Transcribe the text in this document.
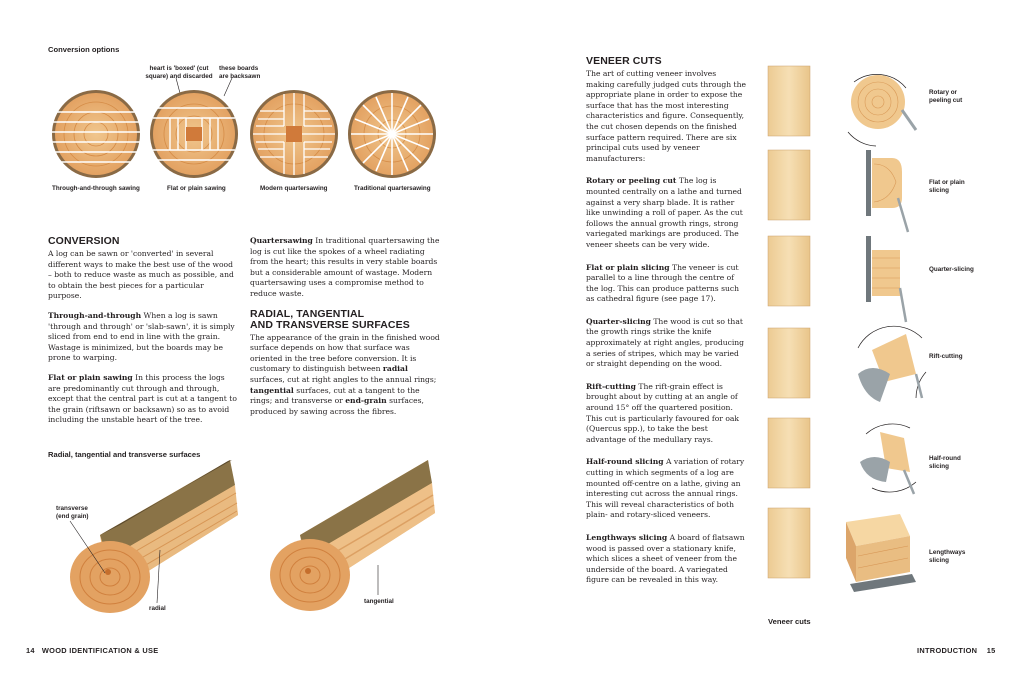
Conversion options
heart is 'boxed' (cut
square) and discarded
these boards
are backsawn
Through-and-through sawing	Flat or plain sawing	Modern quartersawing	Traditional quartersawing
CONVERSION

A log can be sawn or 'converted' in several different ways to make the best use of the wood – both to reduce waste as much as possible, and to obtain the best pieces for a particular purpose.

Through-and-through When a log is sawn 'through and through' or 'slab-sawn', it is simply sliced from end to end in line with the grain. Wastage is minimized, but the boards may be prone to warping.

Flat or plain sawing In this process the logs are predominantly cut through and through, except that the central part is cut at a tangent to the grain (riftsawn or backsawn) so as to avoid including the unstable heart of the tree.

Quartersawing In traditional quartersawing the log is cut like the spokes of a wheel radiating from the heart; this results in very stable boards but a considerable amount of wastage. Modern quartersawing uses a compromise method to reduce waste.

RADIAL, TANGENTIAL
AND TRANSVERSE SURFACES

The appearance of the grain in the finished wood surface depends on how that surface was oriented in the tree before conversion. It is customary to distinguish between radial surfaces, cut at right angles to the annual rings; tangential surfaces, cut at a tangent to the rings; and transverse or end-grain surfaces, produced by sawing across the fibres.

Radial, tangential and transverse surfaces
transverse
(end grain)
radial
tangential
14 WOOD IDENTIFICATION & USE
VENEER CUTS

The art of cutting veneer involves making carefully judged cuts through the appropriate plane in order to expose the surface that has the most interesting characteristics and figure. Consequently, the cut chosen depends on the finished surface pattern required. There are six principal cuts used by veneer manufacturers:

Rotary or peeling cut The log is mounted centrally on a lathe and turned against a very sharp blade. It is rather like unwinding a roll of paper. As the cut follows the annual growth rings, strong variegated markings are produced. The veneer sheets can be very wide.

Flat or plain slicing The veneer is cut parallel to a line through the centre of the log. This can produce patterns such as cathedral figure (see page 17).

Quarter-slicing The wood is cut so that the growth rings strike the knife approximately at right angles, producing a series of stripes, which may be varied or straight depending on the wood.

Rift-cutting The rift-grain effect is brought about by cutting at an angle of around 15° off the quartered position. This cut is particularly favoured for oak (Quercus spp.), to take the best advantage of the medullary rays.

Half-round slicing A variation of rotary cutting in which segments of a log are mounted off-centre on a lathe, giving an interesting cut across the annual rings. This will reveal characteristics of both plain- and rotary-sliced veneers.

Lengthways slicing A board of flatsawn wood is passed over a stationary knife, which slices a sheet of veneer from the underside of the board. A variegated figure can be revealed in this way.

Rotary or
peeling cut
Flat or plain
slicing
Quarter-slicing
Rift-cutting
Half-round
slicing
Lengthways
slicing
Veneer cuts
INTRODUCTION 15
